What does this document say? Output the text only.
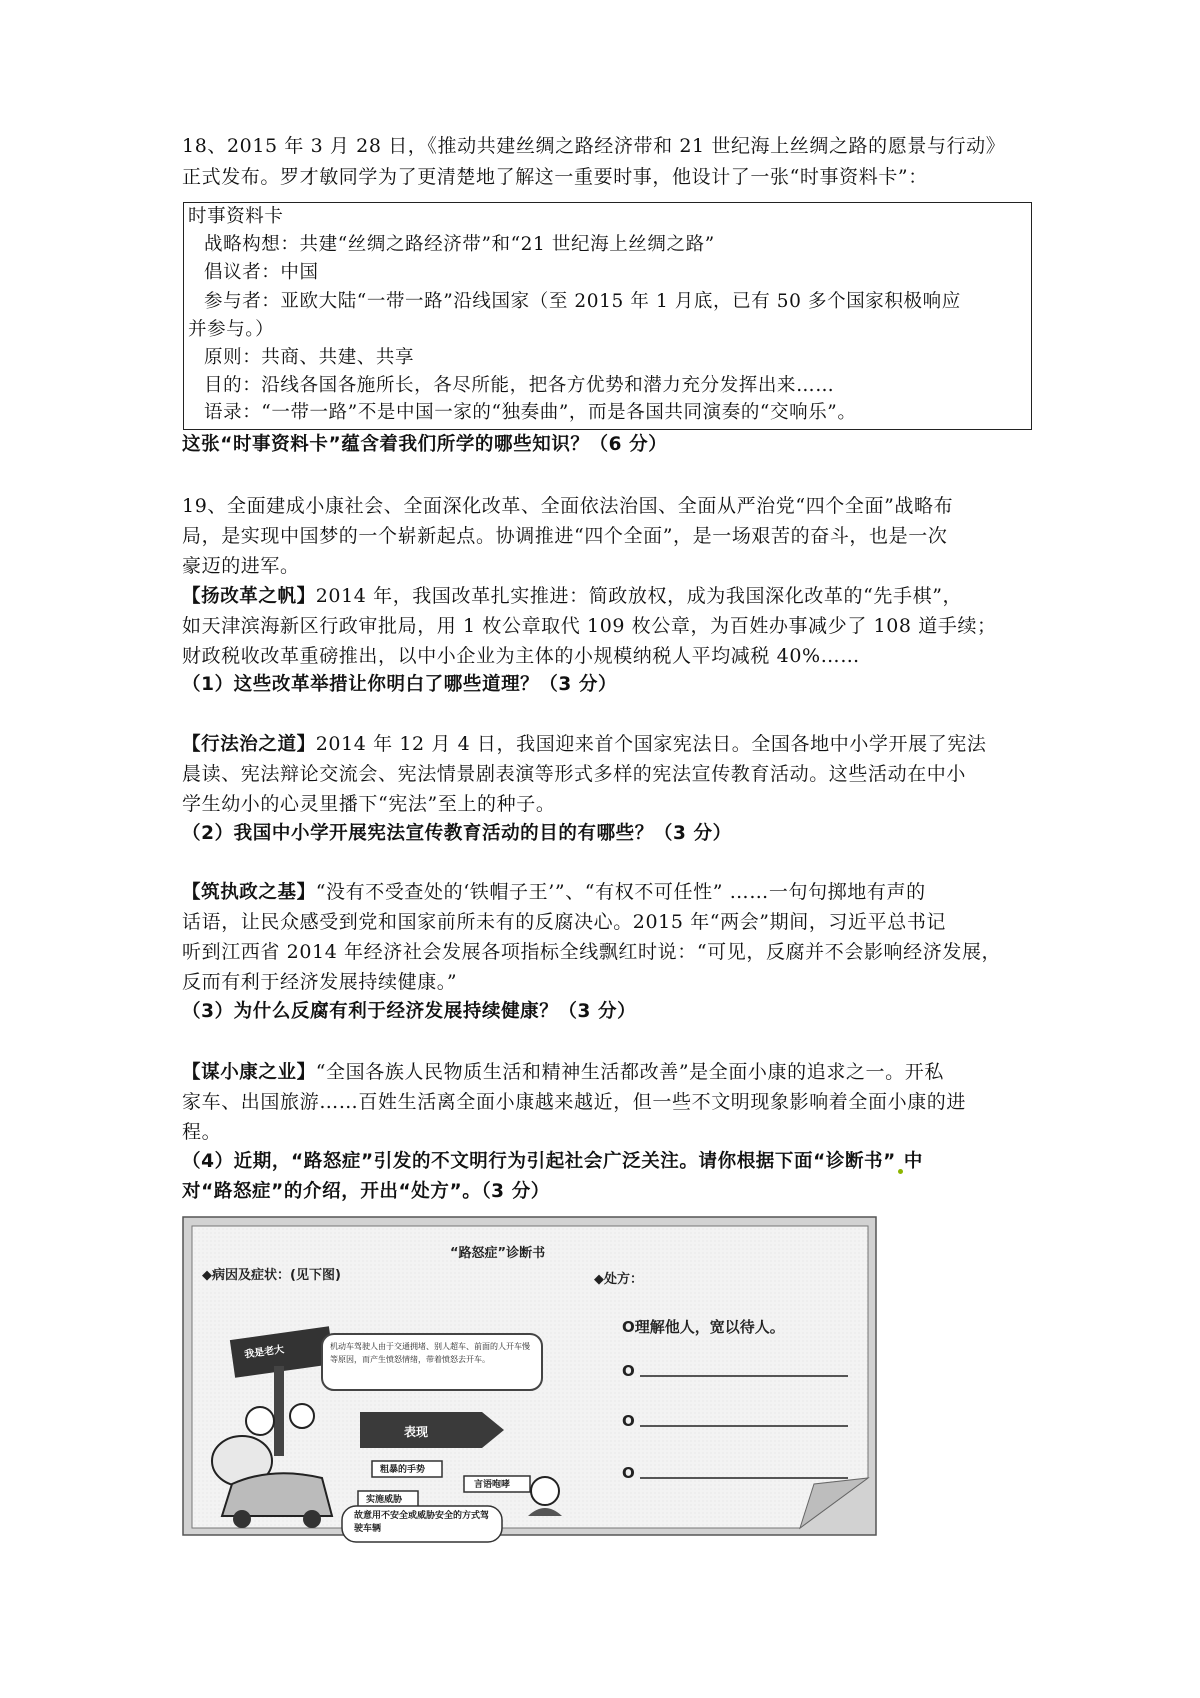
18、2015 年 3 月 28 日，《推动共建丝绸之路经济带和 21 世纪海上丝绸之路的愿景与行动》
正式发布。罗才敏同学为了更清楚地了解这一重要时事，他设计了一张“时事资料卡”：
时事资料卡
战略构想：共建“丝绸之路经济带”和“21 世纪海上丝绸之路”
倡议者：中国
参与者：亚欧大陆“一带一路”沿线国家（至 2015 年 1 月底，已有 50 多个国家积极响应
并参与。）
原则：共商、共建、共享
目的：沿线各国各施所长，各尽所能，把各方优势和潜力充分发挥出来……
语录：“一带一路”不是中国一家的“独奏曲”，而是各国共同演奏的“交响乐”。
这张“时事资料卡”蕴含着我们所学的哪些知识？（6 分）
19、全面建成小康社会、全面深化改革、全面依法治国、全面从严治党“四个全面”战略布
局，是实现中国梦的一个崭新起点。协调推进“四个全面”，是一场艰苦的奋斗，也是一次
豪迈的进军。
【扬改革之帆】2014 年，我国改革扎实推进：简政放权，成为我国深化改革的“先手棋”，
如天津滨海新区行政审批局，用 1 枚公章取代 109 枚公章，为百姓办事减少了 108 道手续；
财政税收改革重磅推出，以中小企业为主体的小规模纳税人平均减税 40%……
（1）这些改革举措让你明白了哪些道理？（3 分）
【行法治之道】2014 年 12 月 4 日，我国迎来首个国家宪法日。全国各地中小学开展了宪法
晨读、宪法辩论交流会、宪法情景剧表演等形式多样的宪法宣传教育活动。这些活动在中小
学生幼小的心灵里播下“宪法”至上的种子。
（2）我国中小学开展宪法宣传教育活动的目的有哪些？（3 分）
【筑执政之基】“没有不受查处的‘铁帽子王’”、“有权不可任性” ……一句句掷地有声的
话语，让民众感受到党和国家前所未有的反腐决心。2015 年“两会”期间，习近平总书记
听到江西省 2014 年经济社会发展各项指标全线飘红时说：“可见，反腐并不会影响经济发展，
反而有利于经济发展持续健康。”
（3）为什么反腐有利于经济发展持续健康？（3 分）
【谋小康之业】“全国各族人民物质生活和精神生活都改善”是全面小康的追求之一。开私
家车、出国旅游……百姓生活离全面小康越来越近，但一些不文明现象影响着全面小康的进
程。
（4）近期，“路怒症”引发的不文明行为引起社会广泛关注。请你根据下面“诊断书” 中
对“路怒症”的介绍，开出“处方”。（3 分）
“路怒症”诊断书
◆病因及症状：(见下图)	◆处方：
O理解他人，宽以待人。
O
O
O
我是老大	机动车驾驶人由于交通拥堵、别人超车、前面的人开车慢等原因，而产生愤怒情绪，带着愤怒去开车。
表现
粗暴的手势
言语咆哮
实施威胁
故意用不安全或威胁安全的方式驾驶车辆
